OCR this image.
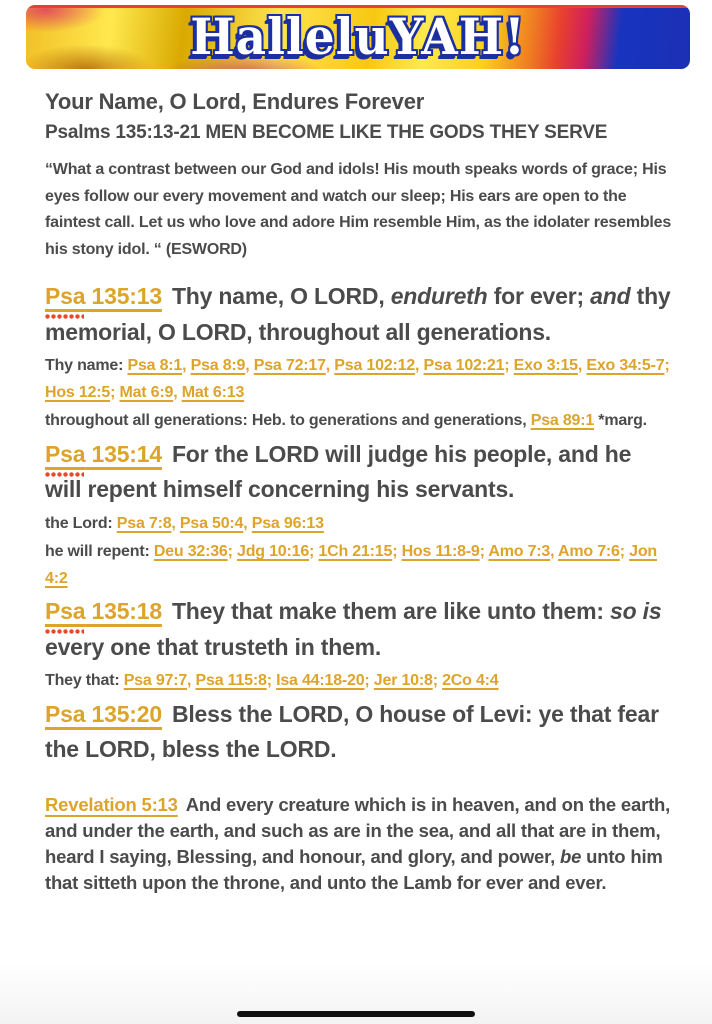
HalleluYAH!
Your Name, O Lord, Endures Forever
Psalms 135:13-21 MEN BECOME LIKE THE GODS THEY SERVE

“What a contrast between our God and idols! His mouth speaks words of grace; His eyes follow our every movement and watch our sleep; His ears are open to the faintest call. Let us who love and adore Him resemble Him, as the idolater resembles his stony idol. “ (ESWORD)

Psa 135:13 Thy name, O LORD, endureth for ever; and thy memorial, O LORD, throughout all generations.

Thy name: Psa 8:1, Psa 8:9, Psa 72:17, Psa 102:12, Psa 102:21; Exo 3:15, Exo 34:5-7; Hos 12:5; Mat 6:9, Mat 6:13

throughout all generations: Heb. to generations and generations, Psa 89:1 *marg.

Psa 135:14 For the LORD will judge his people, and he will repent himself concerning his servants.

the Lord: Psa 7:8, Psa 50:4, Psa 96:13

he will repent: Deu 32:36; Jdg 10:16; 1Ch 21:15; Hos 11:8-9; Amo 7:3, Amo 7:6; Jon 4:2

Psa 135:18 They that make them are like unto them: so is every one that trusteth in them.

They that: Psa 97:7, Psa 115:8; Isa 44:18-20; Jer 10:8; 2Co 4:4

Psa 135:20 Bless the LORD, O house of Levi: ye that fear the LORD, bless the LORD.

Revelation 5:13 And every creature which is in heaven, and on the earth, and under the earth, and such as are in the sea, and all that are in them, heard I saying, Blessing, and honour, and glory, and power, be unto him that sitteth upon the throne, and unto the Lamb for ever and ever.
